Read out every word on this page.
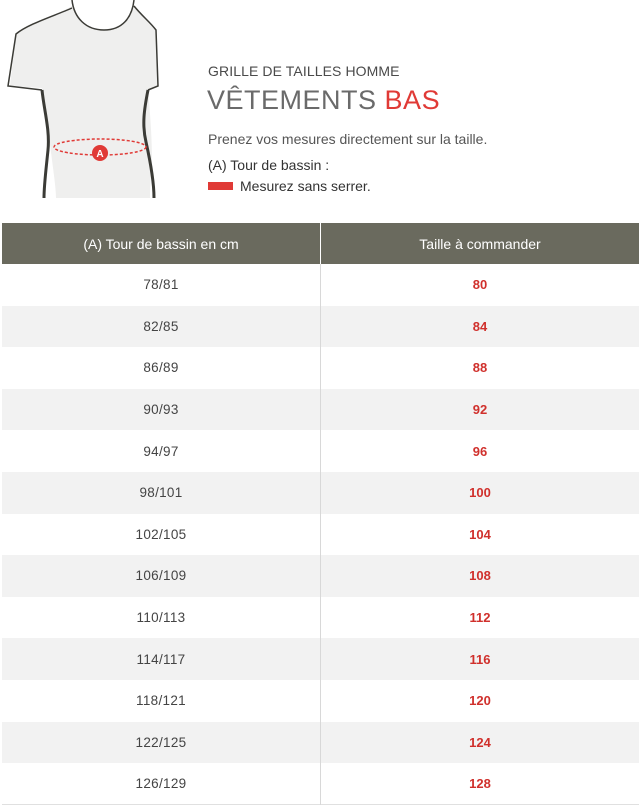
A
GRILLE DE TAILLES HOMME
VÊTEMENTS BAS
Prenez vos mesures directement sur la taille.
(A) Tour de bassin :
Mesurez sans serrer.
(A) Tour de bassin en cm	Taille à commander
78/81	80
82/85	84
86/89	88
90/93	92
94/97	96
98/101	100
102/105	104
106/109	108
110/113	112
114/117	116
118/121	120
122/125	124
126/129	128
